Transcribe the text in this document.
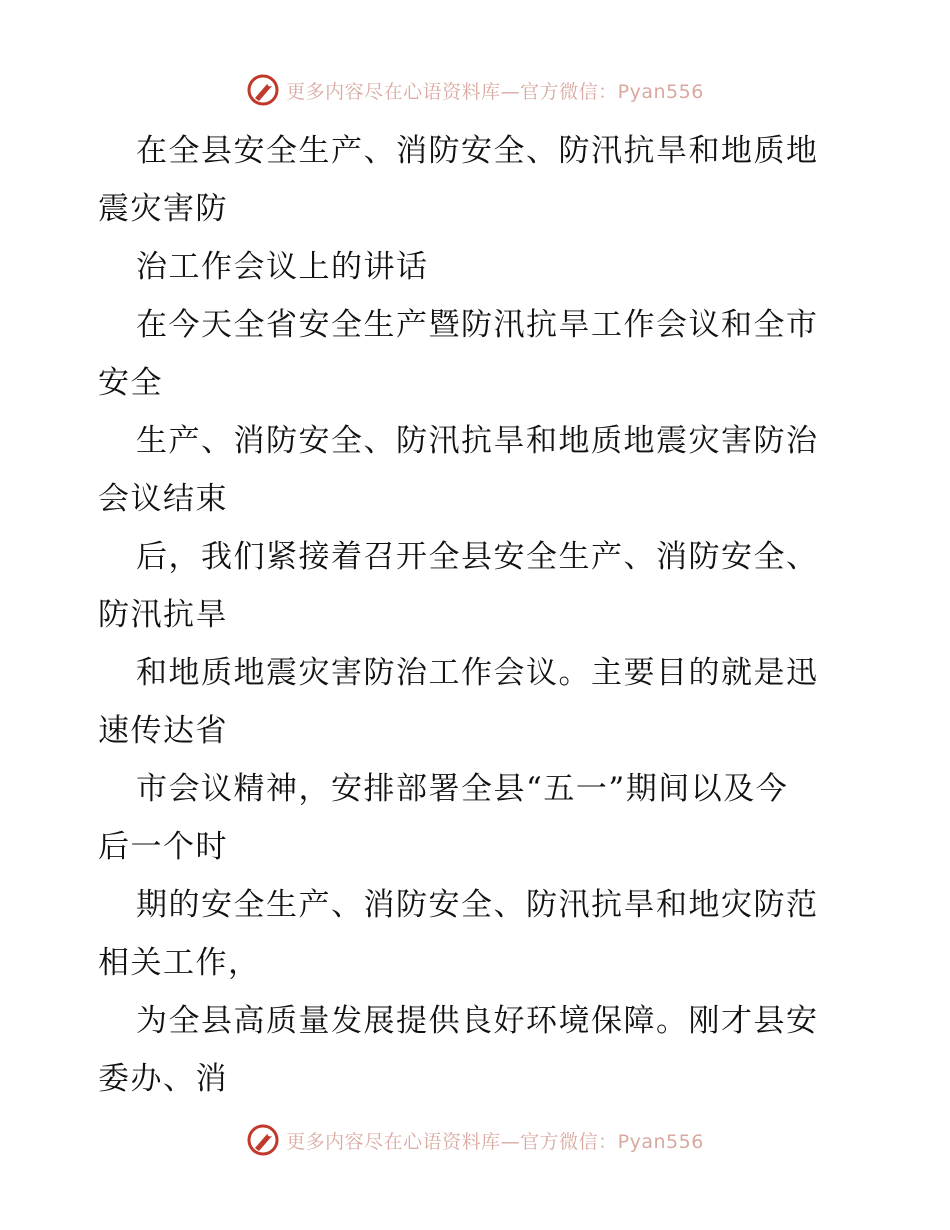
更多内容尽在心语资料库—官方微信：Pyan556
在全县安全生产、消防安全、防汛抗旱和地质地
震灾害防
治工作会议上的讲话
在今天全省安全生产暨防汛抗旱工作会议和全市
安全
生产、消防安全、防汛抗旱和地质地震灾害防治
会议结束
后，我们紧接着召开全县安全生产、消防安全、
防汛抗旱
和地质地震灾害防治工作会议。主要目的就是迅
速传达省
市会议精神，安排部署全县“五一”期间以及今
后一个时
期的安全生产、消防安全、防汛抗旱和地灾防范
相关工作，
为全县高质量发展提供良好环境保障。刚才县安
委办、消
更多内容尽在心语资料库—官方微信：Pyan556
